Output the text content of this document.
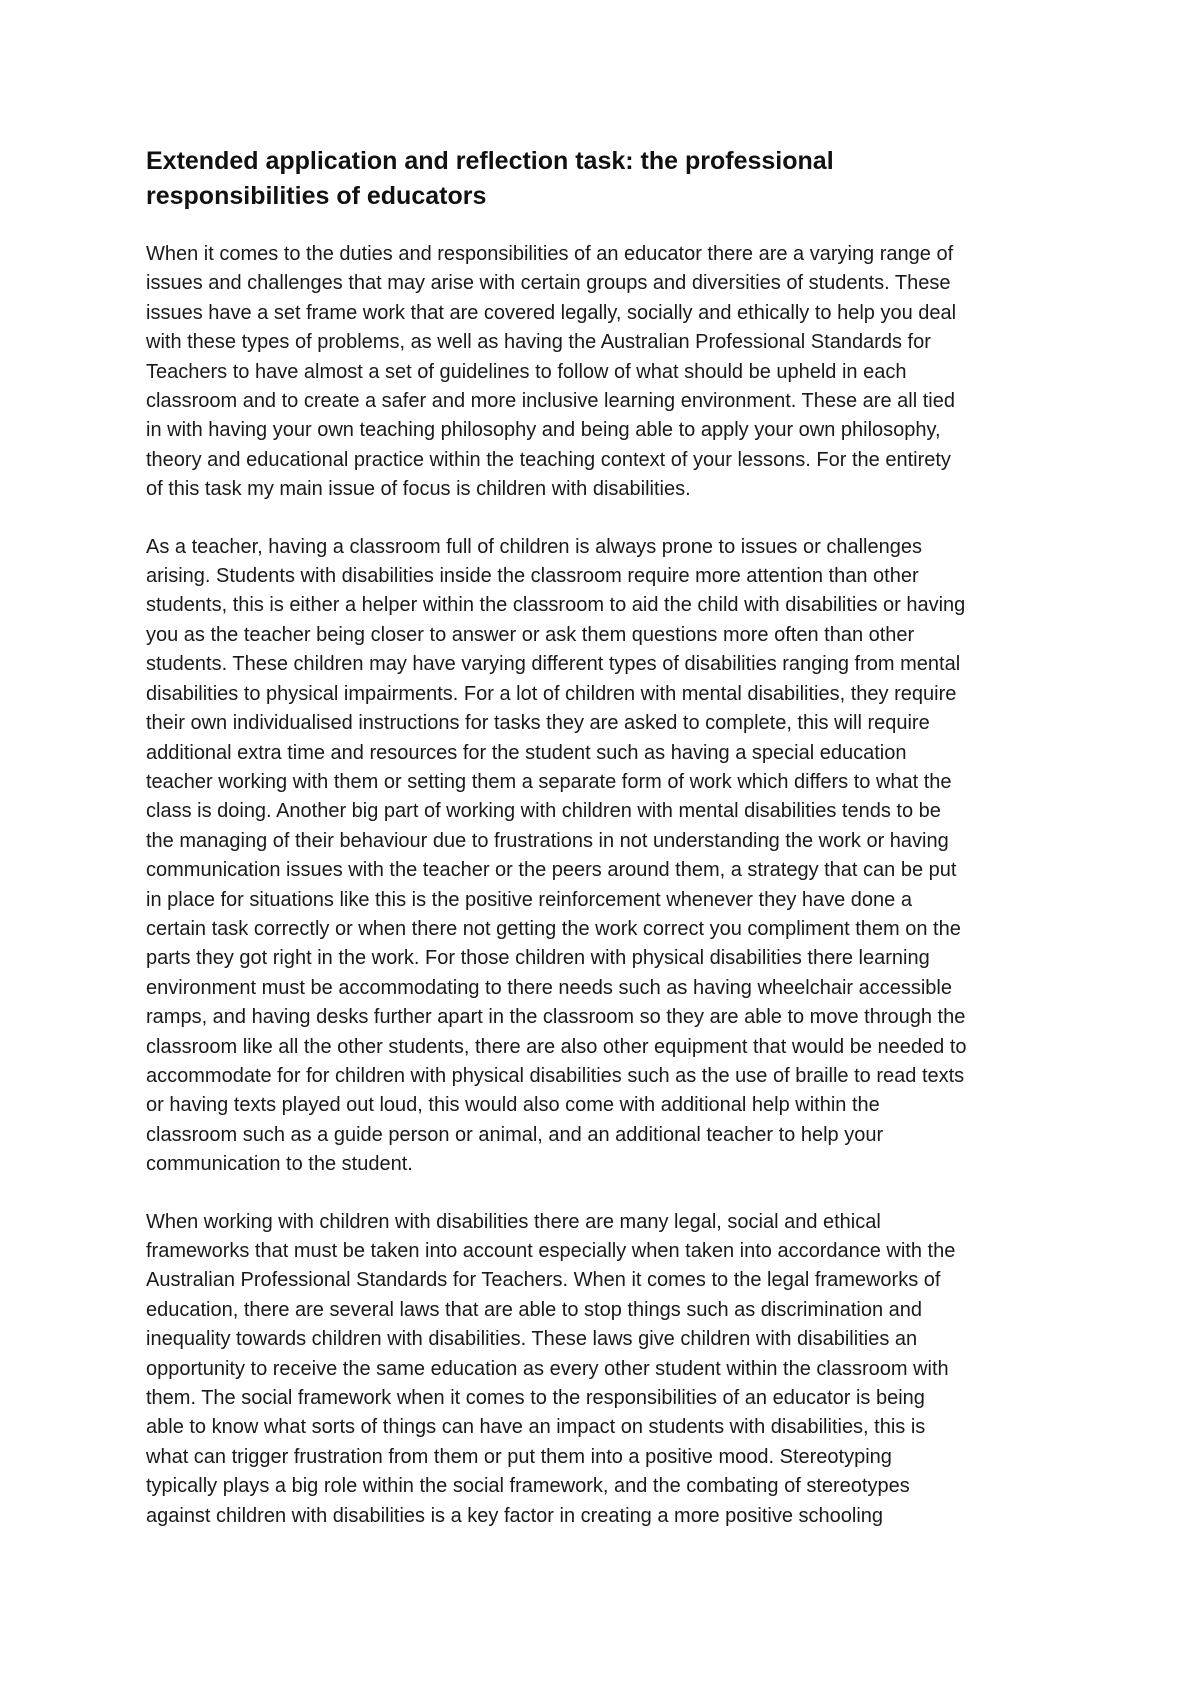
Extended application and reflection task: the professional
responsibilities of educators
When it comes to the duties and responsibilities of an educator there are a varying range of
issues and challenges that may arise with certain groups and diversities of students. These
issues have a set frame work that are covered legally, socially and ethically to help you deal
with these types of problems, as well as having the Australian Professional Standards for
Teachers to have almost a set of guidelines to follow of what should be upheld in each
classroom and to create a safer and more inclusive learning environment. These are all tied
in with having your own teaching philosophy and being able to apply your own philosophy,
theory and educational practice within the teaching context of your lessons. For the entirety
of this task my main issue of focus is children with disabilities.
As a teacher, having a classroom full of children is always prone to issues or challenges
arising. Students with disabilities inside the classroom require more attention than other
students, this is either a helper within the classroom to aid the child with disabilities or having
you as the teacher being closer to answer or ask them questions more often than other
students. These children may have varying different types of disabilities ranging from mental
disabilities to physical impairments. For a lot of children with mental disabilities, they require
their own individualised instructions for tasks they are asked to complete, this will require
additional extra time and resources for the student such as having a special education
teacher working with them or setting them a separate form of work which differs to what the
class is doing. Another big part of working with children with mental disabilities tends to be
the managing of their behaviour due to frustrations in not understanding the work or having
communication issues with the teacher or the peers around them, a strategy that can be put
in place for situations like this is the positive reinforcement whenever they have done a
certain task correctly or when there not getting the work correct you compliment them on the
parts they got right in the work. For those children with physical disabilities there learning
environment must be accommodating to there needs such as having wheelchair accessible
ramps, and having desks further apart in the classroom so they are able to move through the
classroom like all the other students, there are also other equipment that would be needed to
accommodate for for children with physical disabilities such as the use of braille to read texts
or having texts played out loud, this would also come with additional help within the
classroom such as a guide person or animal, and an additional teacher to help your
communication to the student.
When working with children with disabilities there are many legal, social and ethical
frameworks that must be taken into account especially when taken into accordance with the
Australian Professional Standards for Teachers. When it comes to the legal frameworks of
education, there are several laws that are able to stop things such as discrimination and
inequality towards children with disabilities. These laws give children with disabilities an
opportunity to receive the same education as every other student within the classroom with
them. The social framework when it comes to the responsibilities of an educator is being
able to know what sorts of things can have an impact on students with disabilities, this is
what can trigger frustration from them or put them into a positive mood. Stereotyping
typically plays a big role within the social framework, and the combating of stereotypes
against children with disabilities is a key factor in creating a more positive schooling
